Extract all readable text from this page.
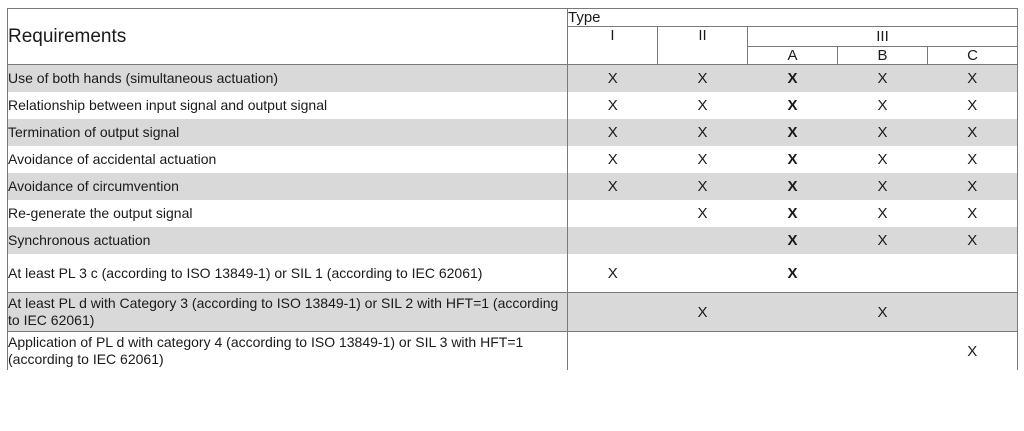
Requirements	Type				
	I	II	III		
			A	B	C
Use of both hands (simultaneous actuation)	X	X	X	X	X
Relationship between input signal and output signal	X	X	X	X	X
Termination of output signal	X	X	X	X	X
Avoidance of accidental actuation	X	X	X	X	X
Avoidance of circumvention	X	X	X	X	X
Re-generate the output signal		X	X	X	X
Synchronous actuation			X	X	X
At least PL 3 c (according to ISO 13849-1) or SIL 1 (according to IEC 62061)	X		X		
At least PL d with Category 3 (according to ISO 13849-1) or SIL 2 with HFT=1 (according to IEC 62061)		X		X	
Application of PL d with category 4 (according to ISO 13849-1) or SIL 3 with HFT=1 (according to IEC 62061)					X
